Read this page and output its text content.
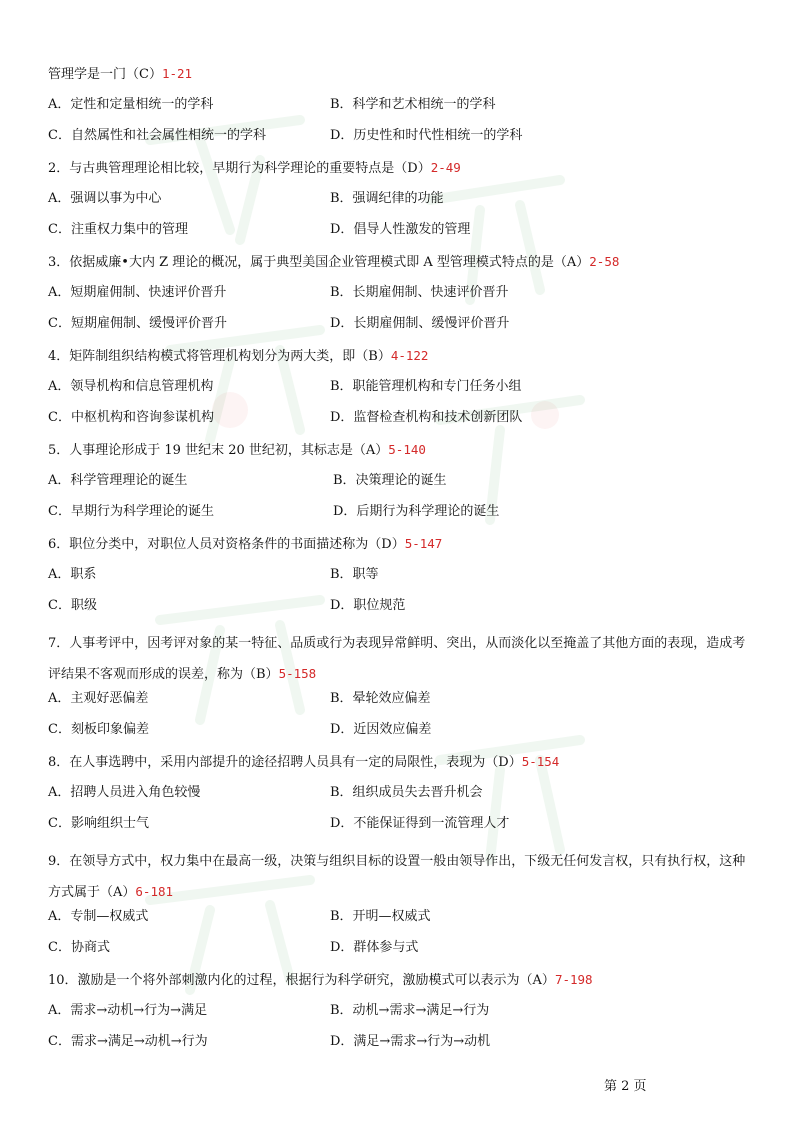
管理学是一门（C）1-21
A．定性和定量相统一的学科	B．科学和艺术相统一的学科
C．自然属性和社会属性相统一的学科	D．历史性和时代性相统一的学科
2．与古典管理理论相比较，早期行为科学理论的重要特点是（D）2-49
A．强调以事为中心	B．强调纪律的功能
C．注重权力集中的管理	D．倡导人性激发的管理
3．依据威廉•大内 Z 理论的概况，属于典型美国企业管理模式即 A 型管理模式特点的是（A）2-58
A．短期雇佣制、快速评价晋升	B．长期雇佣制、快速评价晋升
C．短期雇佣制、缓慢评价晋升	D．长期雇佣制、缓慢评价晋升
4．矩阵制组织结构模式将管理机构划分为两大类，即（B）4-122
A．领导机构和信息管理机构	B．职能管理机构和专门任务小组
C．中枢机构和咨询参谋机构	D．监督检查机构和技术创新团队
5．人事理论形成于 19 世纪末 20 世纪初，其标志是（A）5-140
A．科学管理理论的诞生	B．决策理论的诞生
C．早期行为科学理论的诞生	D．后期行为科学理论的诞生
6．职位分类中，对职位人员对资格条件的书面描述称为（D）5-147
A．职系	B．职等
C．职级	D．职位规范
7．人事考评中，因考评对象的某一特征、品质或行为表现异常鲜明、突出，从而淡化以至掩盖了其他方面的表现，造成考评结果不客观而形成的误差，称为（B）5-158
A．主观好恶偏差	B．晕轮效应偏差
C．刻板印象偏差	D．近因效应偏差
8．在人事选聘中，采用内部提升的途径招聘人员具有一定的局限性，表现为（D）5-154
A．招聘人员进入角色较慢	B．组织成员失去晋升机会
C．影响组织士气	D．不能保证得到一流管理人才
9．在领导方式中，权力集中在最高一级，决策与组织目标的设置一般由领导作出，下级无任何发言权，只有执行权，这种方式属于（A）6-181
A．专制—权威式	B．开明—权威式
C．协商式	D．群体参与式
10．激励是一个将外部刺激内化的过程，根据行为科学研究，激励模式可以表示为（A）7-198
A．需求→动机→行为→满足	B．动机→需求→满足→行为
C．需求→满足→动机→行为	D．满足→需求→行为→动机
第 2 页
